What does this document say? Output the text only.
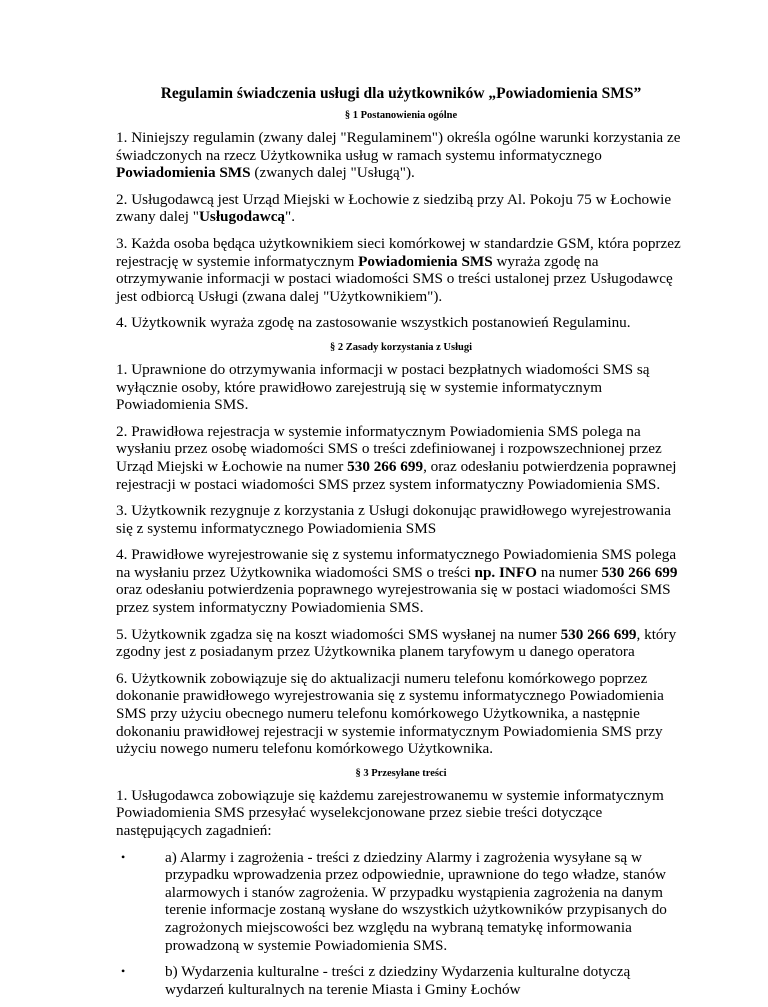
Regulamin świadczenia usługi dla użytkowników „Powiadomienia SMS”

§ 1 Postanowienia ogólne

1. Niniejszy regulamin (zwany dalej "Regulaminem") określa ogólne warunki korzystania ze świadczonych na rzecz Użytkownika usług w ramach systemu informatycznego Powiadomienia SMS (zwanych dalej "Usługą").

2. Usługodawcą jest Urząd Miejski w Łochowie z siedzibą przy Al. Pokoju 75 w Łochowie zwany dalej "Usługodawcą".

3. Każda osoba będąca użytkownikiem sieci komórkowej w standardzie GSM, która poprzez rejestrację w systemie informatycznym Powiadomienia SMS wyraża zgodę na otrzymywanie informacji w postaci wiadomości SMS o treści ustalonej przez Usługodawcę jest odbiorcą Usługi (zwana dalej "Użytkownikiem").

4. Użytkownik wyraża zgodę na zastosowanie wszystkich postanowień Regulaminu.

§ 2 Zasady korzystania z Usługi

1. Uprawnione do otrzymywania informacji w postaci bezpłatnych wiadomości SMS są wyłącznie osoby, które prawidłowo zarejestrują się w systemie informatycznym Powiadomienia SMS.

2. Prawidłowa rejestracja w systemie informatycznym Powiadomienia SMS polega na wysłaniu przez osobę wiadomości SMS o treści zdefiniowanej i rozpowszechnionej przez Urząd Miejski w Łochowie na numer 530 266 699, oraz odesłaniu potwierdzenia poprawnej rejestracji w postaci wiadomości SMS przez system informatyczny Powiadomienia SMS.

3. Użytkownik rezygnuje z korzystania z Usługi dokonując prawidłowego wyrejestrowania się z systemu informatycznego Powiadomienia SMS

4. Prawidłowe wyrejestrowanie się z systemu informatycznego Powiadomienia SMS polega na wysłaniu przez Użytkownika wiadomości SMS o treści np. INFO na numer 530 266 699 oraz odesłaniu potwierdzenia poprawnego wyrejestrowania się w postaci wiadomości SMS przez system informatyczny Powiadomienia SMS.

5. Użytkownik zgadza się na koszt wiadomości SMS wysłanej na numer 530 266 699, który zgodny jest z posiadanym przez Użytkownika planem taryfowym u danego operatora

6. Użytkownik zobowiązuje się do aktualizacji numeru telefonu komórkowego poprzez dokonanie prawidłowego wyrejestrowania się z systemu informatycznego Powiadomienia SMS przy użyciu obecnego numeru telefonu komórkowego Użytkownika, a następnie dokonaniu prawidłowej rejestracji w systemie informatycznym Powiadomienia SMS przy użyciu nowego numeru telefonu komórkowego Użytkownika.

§ 3 Przesyłane treści

1. Usługodawca zobowiązuje się każdemu zarejestrowanemu w systemie informatycznym Powiadomienia SMS przesyłać wyselekcjonowane przez siebie treści dotyczące następujących zagadnień:

•	a) Alarmy i zagrożenia - treści z dziedziny Alarmy i zagrożenia wysyłane są w przypadku wprowadzenia przez odpowiednie, uprawnione do tego władze, stanów alarmowych i stanów zagrożenia. W przypadku wystąpienia zagrożenia na danym terenie informacje zostaną wysłane do wszystkich użytkowników przypisanych do zagrożonych miejscowości bez względu na wybraną tematykę informowania prowadzoną w systemie Powiadomienia SMS.
•	b) Wydarzenia kulturalne - treści z dziedziny Wydarzenia kulturalne dotyczą wydarzeń kulturalnych na terenie Miasta i Gminy Łochów
